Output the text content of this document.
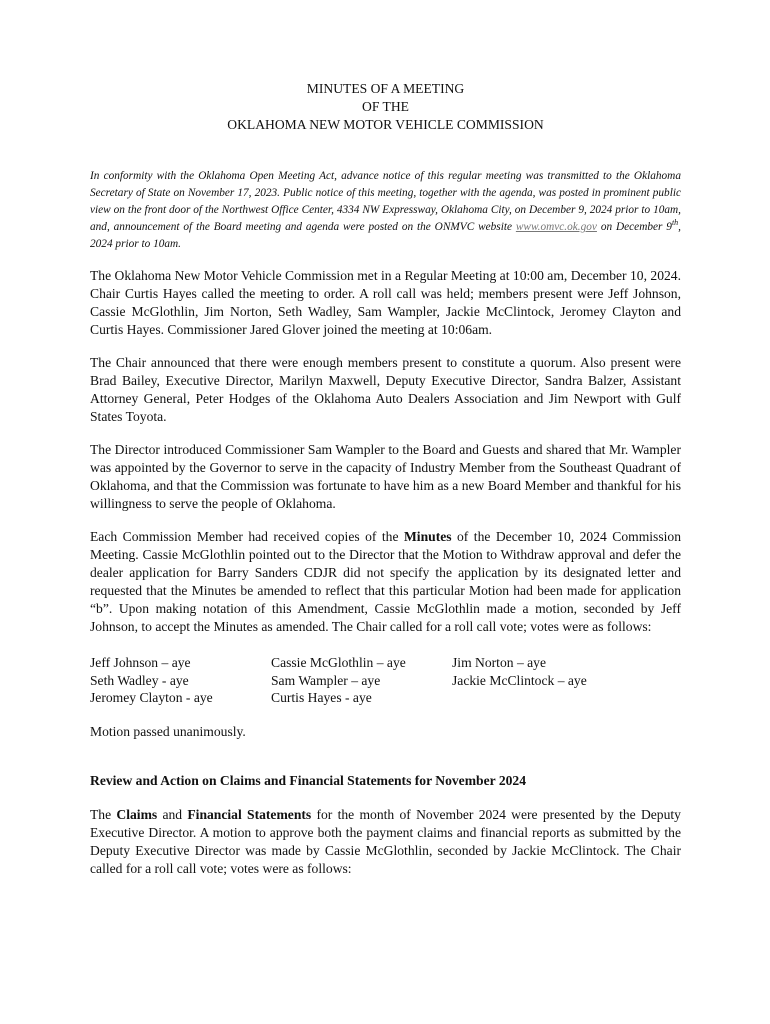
MINUTES OF A MEETING
OF THE
OKLAHOMA NEW MOTOR VEHICLE COMMISSION

In conformity with the Oklahoma Open Meeting Act, advance notice of this regular meeting was transmitted to the Oklahoma Secretary of State on November 17, 2023. Public notice of this meeting, together with the agenda, was posted in prominent public view on the front door of the Northwest Office Center, 4334 NW Expressway, Oklahoma City, on December 9, 2024 prior to 10am, and, announcement of the Board meeting and agenda were posted on the ONMVC website www.omvc.ok.gov on December 9th, 2024 prior to 10am.

The Oklahoma New Motor Vehicle Commission met in a Regular Meeting at 10:00 am, December 10, 2024. Chair Curtis Hayes called the meeting to order. A roll call was held; members present were Jeff Johnson, Cassie McGlothlin, Jim Norton, Seth Wadley, Sam Wampler, Jackie McClintock, Jeromey Clayton and Curtis Hayes. Commissioner Jared Glover joined the meeting at 10:06am.

The Chair announced that there were enough members present to constitute a quorum. Also present were Brad Bailey, Executive Director, Marilyn Maxwell, Deputy Executive Director, Sandra Balzer, Assistant Attorney General, Peter Hodges of the Oklahoma Auto Dealers Association and Jim Newport with Gulf States Toyota.

The Director introduced Commissioner Sam Wampler to the Board and Guests and shared that Mr. Wampler was appointed by the Governor to serve in the capacity of Industry Member from the Southeast Quadrant of Oklahoma, and that the Commission was fortunate to have him as a new Board Member and thankful for his willingness to serve the people of Oklahoma.

Each Commission Member had received copies of the Minutes of the December 10, 2024 Commission Meeting. Cassie McGlothlin pointed out to the Director that the Motion to Withdraw approval and defer the dealer application for Barry Sanders CDJR did not specify the application by its designated letter and requested that the Minutes be amended to reflect that this particular Motion had been made for application “b”. Upon making notation of this Amendment, Cassie McGlothlin made a motion, seconded by Jeff Johnson, to accept the Minutes as amended. The Chair called for a roll call vote; votes were as follows:

Jeff Johnson – aye	Cassie McGlothlin – aye	Jim Norton – aye
Seth Wadley - aye	Sam Wampler – aye	Jackie McClintock – aye
Jeromey Clayton - aye	Curtis Hayes - aye
Motion passed unanimously.
Review and Action on Claims and Financial Statements for November 2024

The Claims and Financial Statements for the month of November 2024 were presented by the Deputy Executive Director. A motion to approve both the payment claims and financial reports as submitted by the Deputy Executive Director was made by Cassie McGlothlin, seconded by Jackie McClintock. The Chair called for a roll call vote; votes were as follows:
